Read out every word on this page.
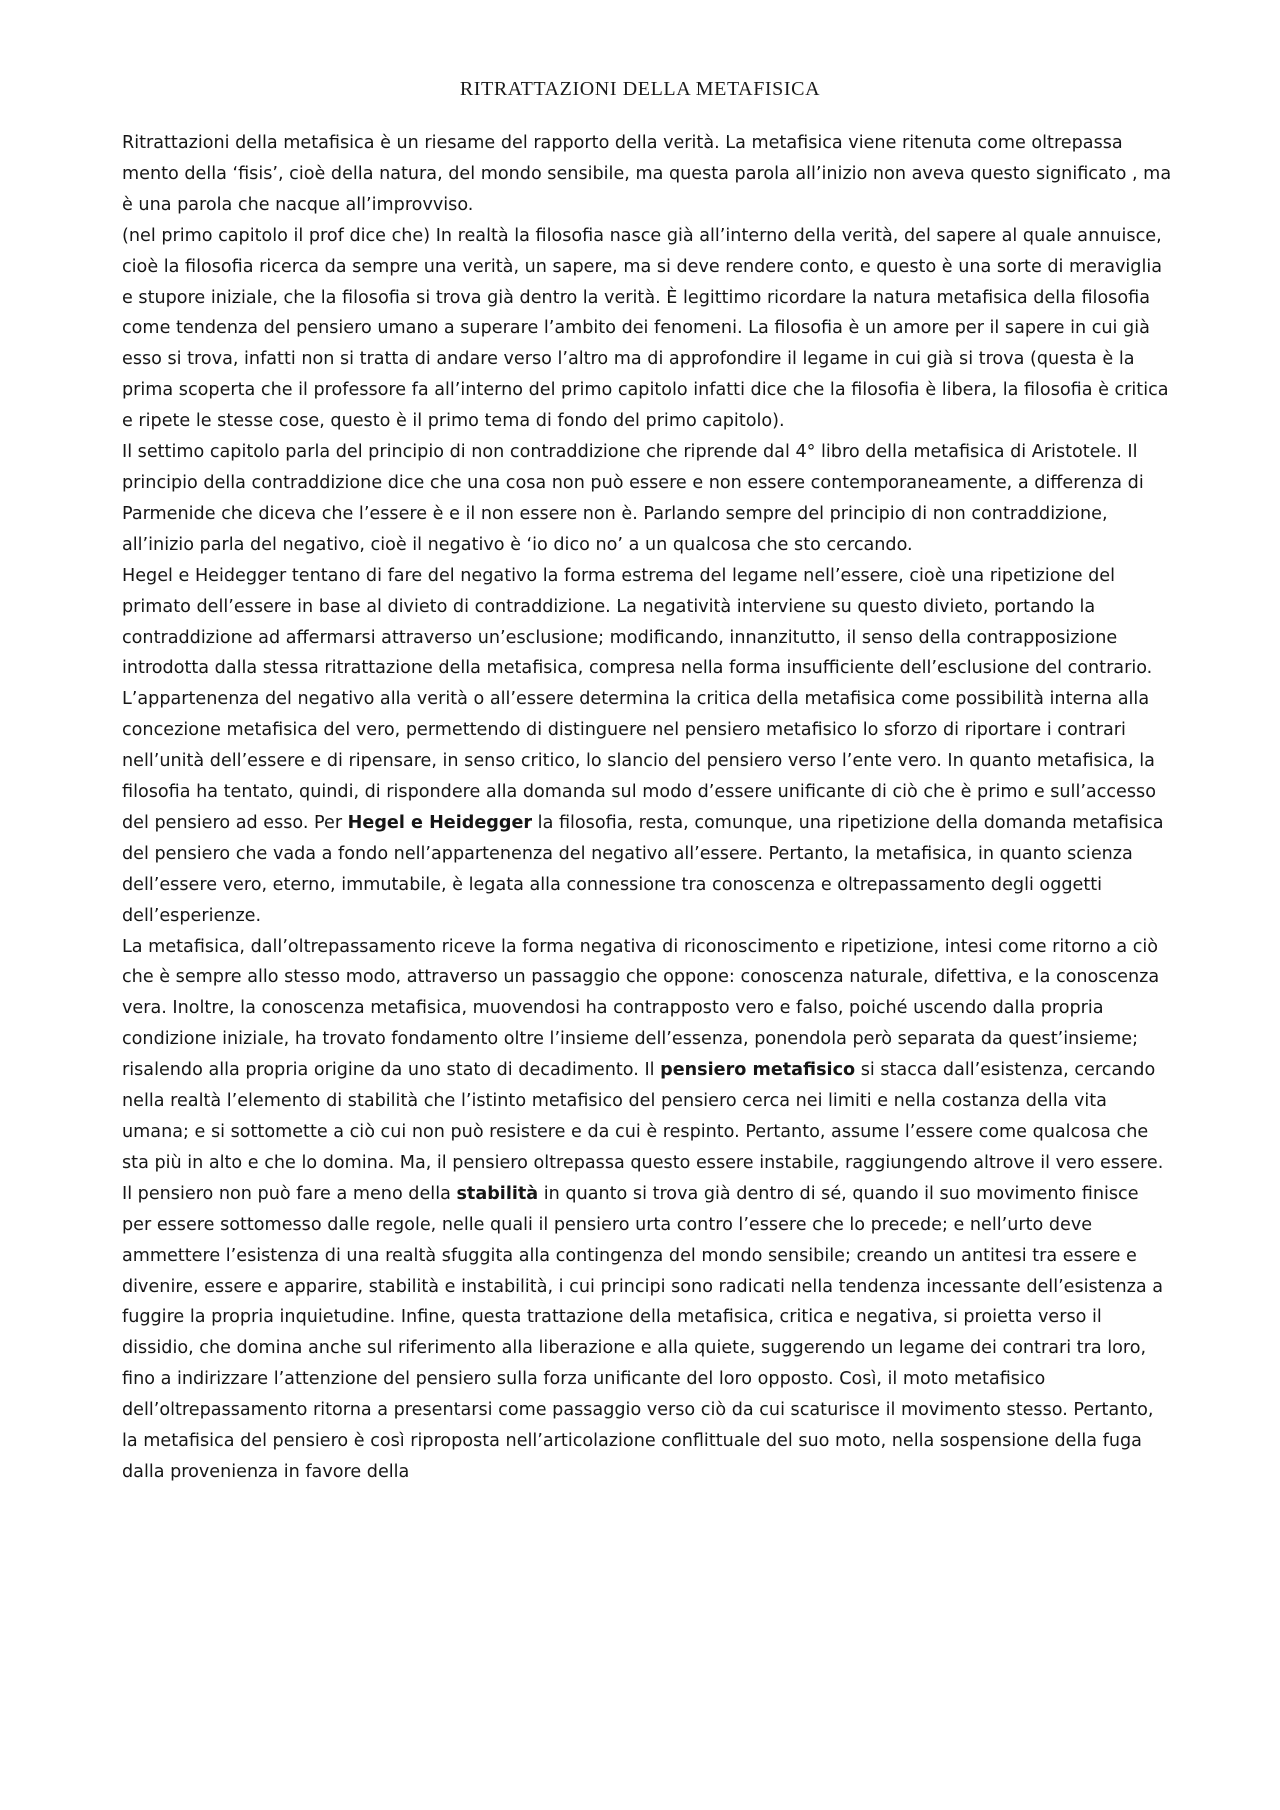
RITRATTAZIONI DELLA METAFISICA

Ritrattazioni della metafisica è un riesame del rapporto della verità. La metafisica viene ritenuta come oltrepassa mento della ‘fisis’, cioè della natura, del mondo sensibile, ma questa parola all’inizio non aveva questo significato , ma è una parola che nacque all’improvviso.

(nel primo capitolo il prof dice che) In realtà la filosofia nasce già all’interno della verità, del sapere al quale annuisce, cioè la filosofia ricerca da sempre una verità, un sapere, ma si deve rendere conto, e questo è una sorte di meraviglia e stupore iniziale, che la filosofia si trova già dentro la verità. È legittimo ricordare la natura metafisica della filosofia come tendenza del pensiero umano a superare l’ambito dei fenomeni. La filosofia è un amore per il sapere in cui già esso si trova, infatti non si tratta di andare verso l’altro ma di approfondire il legame in cui già si trova (questa è la prima scoperta che il professore fa all’interno del primo capitolo infatti dice che la filosofia è libera, la filosofia è critica e ripete le stesse cose, questo è il primo tema di fondo del primo capitolo).

Il settimo capitolo parla del principio di non contraddizione che riprende dal 4° libro della metafisica di Aristotele. Il principio della contraddizione dice che una cosa non può essere e non essere contemporaneamente, a differenza di Parmenide che diceva che l’essere è e il non essere non è. Parlando sempre del principio di non contraddizione, all’inizio parla del negativo, cioè il negativo è ‘io dico no’ a un qualcosa che sto cercando.

Hegel e Heidegger tentano di fare del negativo la forma estrema del legame nell’essere, cioè una ripetizione del primato dell’essere in base al divieto di contraddizione. La negatività interviene su questo divieto, portando la contraddizione ad affermarsi attraverso un’esclusione; modificando, innanzitutto, il senso della contrapposizione introdotta dalla stessa ritrattazione della metafisica, compresa nella forma insufficiente dell’esclusione del contrario. L’appartenenza del negativo alla verità o all’essere determina la critica della metafisica come possibilità interna alla concezione metafisica del vero, permettendo di distinguere nel pensiero metafisico lo sforzo di riportare i contrari nell’unità dell’essere e di ripensare, in senso critico, lo slancio del pensiero verso l’ente vero. In quanto metafisica, la filosofia ha tentato, quindi, di rispondere alla domanda sul modo d’essere unificante di ciò che è primo e sull’accesso del pensiero ad esso. Per Hegel e Heidegger la filosofia, resta, comunque, una ripetizione della domanda metafisica del pensiero che vada a fondo nell’appartenenza del negativo all’essere. Pertanto, la metafisica, in quanto scienza dell’essere vero, eterno, immutabile, è legata alla connessione tra conoscenza e oltrepassamento degli oggetti dell’esperienze.

La metafisica, dall’oltrepassamento riceve la forma negativa di riconoscimento e ripetizione, intesi come ritorno a ciò che è sempre allo stesso modo, attraverso un passaggio che oppone: conoscenza naturale, difettiva, e la conoscenza vera. Inoltre, la conoscenza metafisica, muovendosi ha contrapposto vero e falso, poiché uscendo dalla propria condizione iniziale, ha trovato fondamento oltre l’insieme dell’essenza, ponendola però separata da quest’insieme; risalendo alla propria origine da uno stato di decadimento. Il pensiero metafisico si stacca dall’esistenza, cercando nella realtà l’elemento di stabilità che l’istinto metafisico del pensiero cerca nei limiti e nella costanza della vita umana; e si sottomette a ciò cui non può resistere e da cui è respinto. Pertanto, assume l’essere come qualcosa che sta più in alto e che lo domina. Ma, il pensiero oltrepassa questo essere instabile, raggiungendo altrove il vero essere. Il pensiero non può fare a meno della stabilità in quanto si trova già dentro di sé, quando il suo movimento finisce per essere sottomesso dalle regole, nelle quali il pensiero urta contro l’essere che lo precede; e nell’urto deve ammettere l’esistenza di una realtà sfuggita alla contingenza del mondo sensibile; creando un antitesi tra essere e divenire, essere e apparire, stabilità e instabilità, i cui principi sono radicati nella tendenza incessante dell’esistenza a fuggire la propria inquietudine. Infine, questa trattazione della metafisica, critica e negativa, si proietta verso il dissidio, che domina anche sul riferimento alla liberazione e alla quiete, suggerendo un legame dei contrari tra loro, fino a indirizzare l’attenzione del pensiero sulla forza unificante del loro opposto. Così, il moto metafisico dell’oltrepassamento ritorna a presentarsi come passaggio verso ciò da cui scaturisce il movimento stesso. Pertanto, la metafisica del pensiero è così riproposta nell’articolazione conflittuale del suo moto, nella sospensione della fuga dalla provenienza in favore della
